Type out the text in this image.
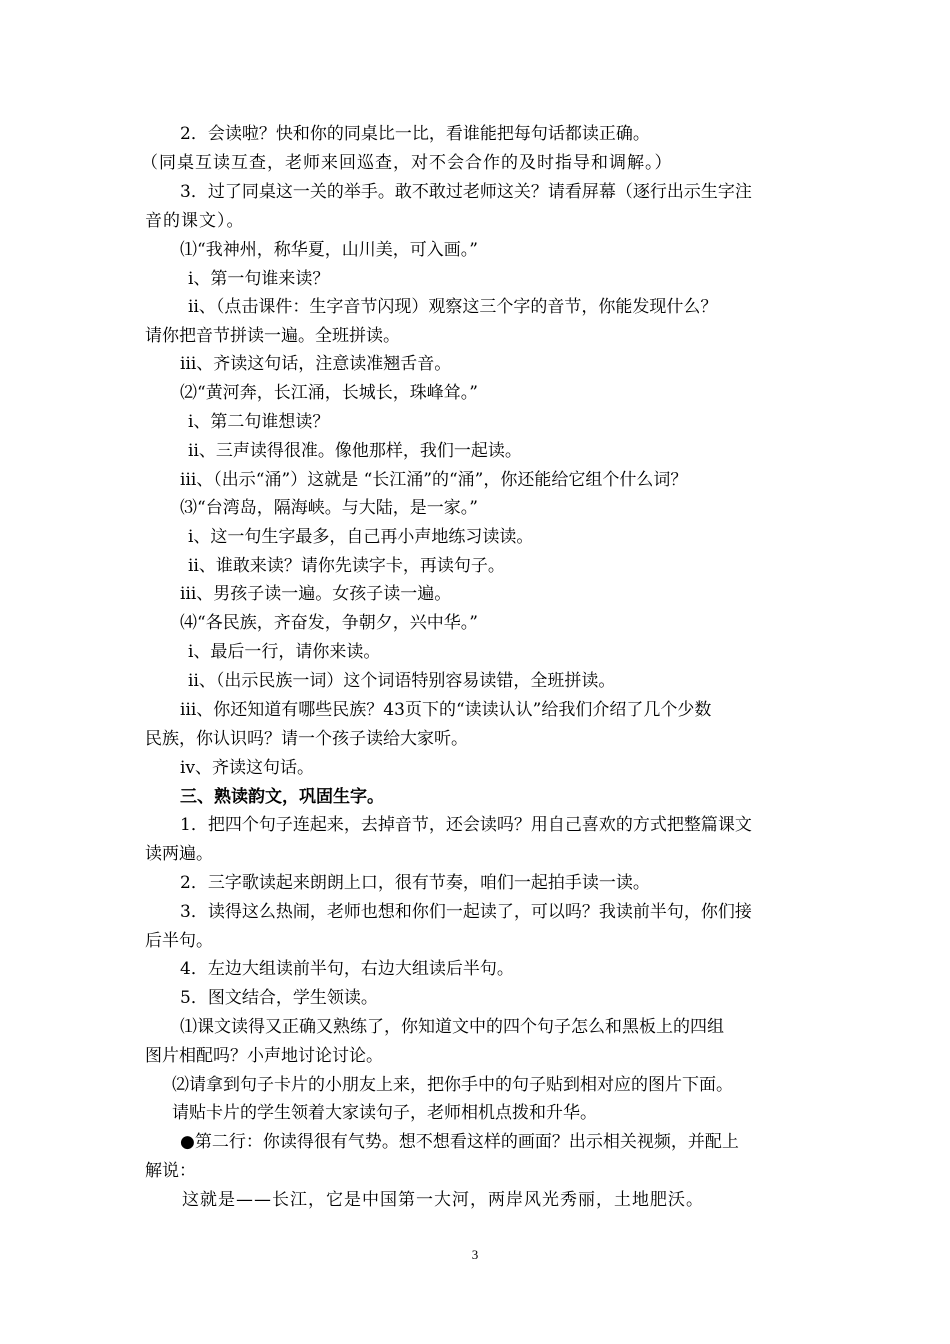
2．会读啦？快和你的同桌比一比，看谁能把每句话都读正确。
（同桌互读互查，老师来回巡查，对不会合作的及时指导和调解。）
3．过了同桌这一关的举手。敢不敢过老师这关？请看屏幕（逐行出示生字注
音的课文）。
⑴“我神州，称华夏，山川美，可入画。”
ⅰ、第一句谁来读？
ⅱ、（点击课件：生字音节闪现）观察这三个字的音节，你能发现什么？
请你把音节拼读一遍。全班拼读。
ⅲ、齐读这句话，注意读准翘舌音。
⑵“黄河奔，长江涌，长城长，珠峰耸。”
ⅰ、第二句谁想读？
ⅱ、三声读得很准。像他那样，我们一起读。
ⅲ、（出示“涌”）这就是 “长江涌”的“涌”，你还能给它组个什么词？
⑶“台湾岛，隔海峡。与大陆，是一家。”
ⅰ、这一句生字最多，自己再小声地练习读读。
ⅱ、谁敢来读？请你先读字卡，再读句子。
ⅲ、男孩子读一遍。女孩子读一遍。
⑷“各民族，齐奋发，争朝夕，兴中华。”
ⅰ、最后一行，请你来读。
ⅱ、（出示民族一词）这个词语特别容易读错，全班拼读。
ⅲ、你还知道有哪些民族？43页下的“读读认认”给我们介绍了几个少数
民族，你认识吗？请一个孩子读给大家听。
ⅳ、齐读这句话。
三、熟读韵文，巩固生字。
1．把四个句子连起来，去掉音节，还会读吗？用自己喜欢的方式把整篇课文
读两遍。
2．三字歌读起来朗朗上口，很有节奏，咱们一起拍手读一读。
3．读得这么热闹，老师也想和你们一起读了，可以吗？我读前半句，你们接
后半句。
4．左边大组读前半句，右边大组读后半句。
5．图文结合，学生领读。
⑴课文读得又正确又熟练了，你知道文中的四个句子怎么和黑板上的四组
图片相配吗？小声地讨论讨论。
⑵请拿到句子卡片的小朋友上来，把你手中的句子贴到相对应的图片下面。
请贴卡片的学生领着大家读句子，老师相机点拨和升华。
●第二行：你读得很有气势。想不想看这样的画面？出示相关视频，并配上
解说：
这就是——长江，它是中国第一大河，两岸风光秀丽，土地肥沃。
3
